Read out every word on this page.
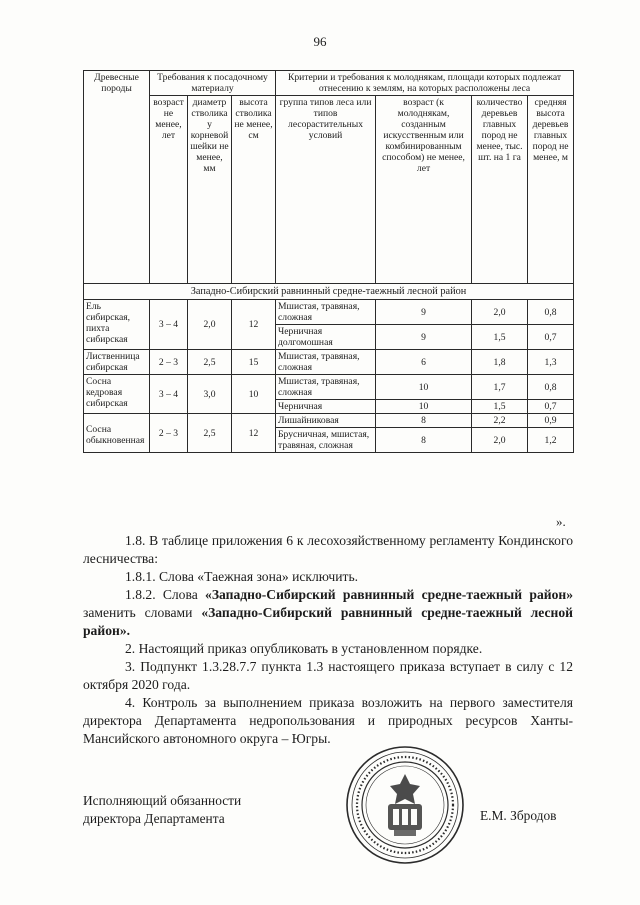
96
Древесные породы	Требования к посадочному материалу			Критерии и требования к молоднякам, площади которых подлежат отнесению к землям, на которых расположены леса			
	возраст не менее, лет	диаметр стволика у корневой шейки не менее, мм	высота стволика не менее, см	группа типов леса или типов лесорастительных условий	возраст (к молоднякам, созданным искусственным или комбинированным способом) не менее, лет	количество деревьев главных пород не менее, тыс. шт. на 1 га	средняя высота деревьев главных пород не менее, м
Западно-Сибирский равнинный средне-таежный лесной район							
Ель сибирская, пихта сибирская	3 – 4	2,0	12	Мшистая, травяная, сложная	9	2,0	0,8
				Черничная долгомошная	9	1,5	0,7
Лиственница сибирская	2 – 3	2,5	15	Мшистая, травяная, сложная	6	1,8	1,3
Сосна кедровая сибирская	3 – 4	3,0	10	Мшистая, травяная, сложная	10	1,7	0,8
				Черничная	10	1,5	0,7
Сосна обыкновенная	2 – 3	2,5	12	Лишайниковая	8	2,2	0,9
				Брусничная, мшистая, травяная, сложная	8	2,0	1,2
».

1.8. В таблице приложения 6 к лесохозяйственному регламенту Кондинского лесничества:

1.8.1. Слова «Таежная зона» исключить.

1.8.2. Слова «Западно-Сибирский равнинный средне-таежный район» заменить словами «Западно-Сибирский равнинный средне-таежный лесной район».

2. Настоящий приказ опубликовать в установленном порядке.

3. Подпункт 1.3.28.7.7 пункта 1.3 настоящего приказа вступает в силу с 12 октября 2020 года.

4. Контроль за выполнением приказа возложить на первого заместителя директора Департамента недропользования и природных ресурсов Ханты-Мансийского автономного округа – Югры.

Исполняющий обязанности
директора Департамента	Е.М. Збродов
